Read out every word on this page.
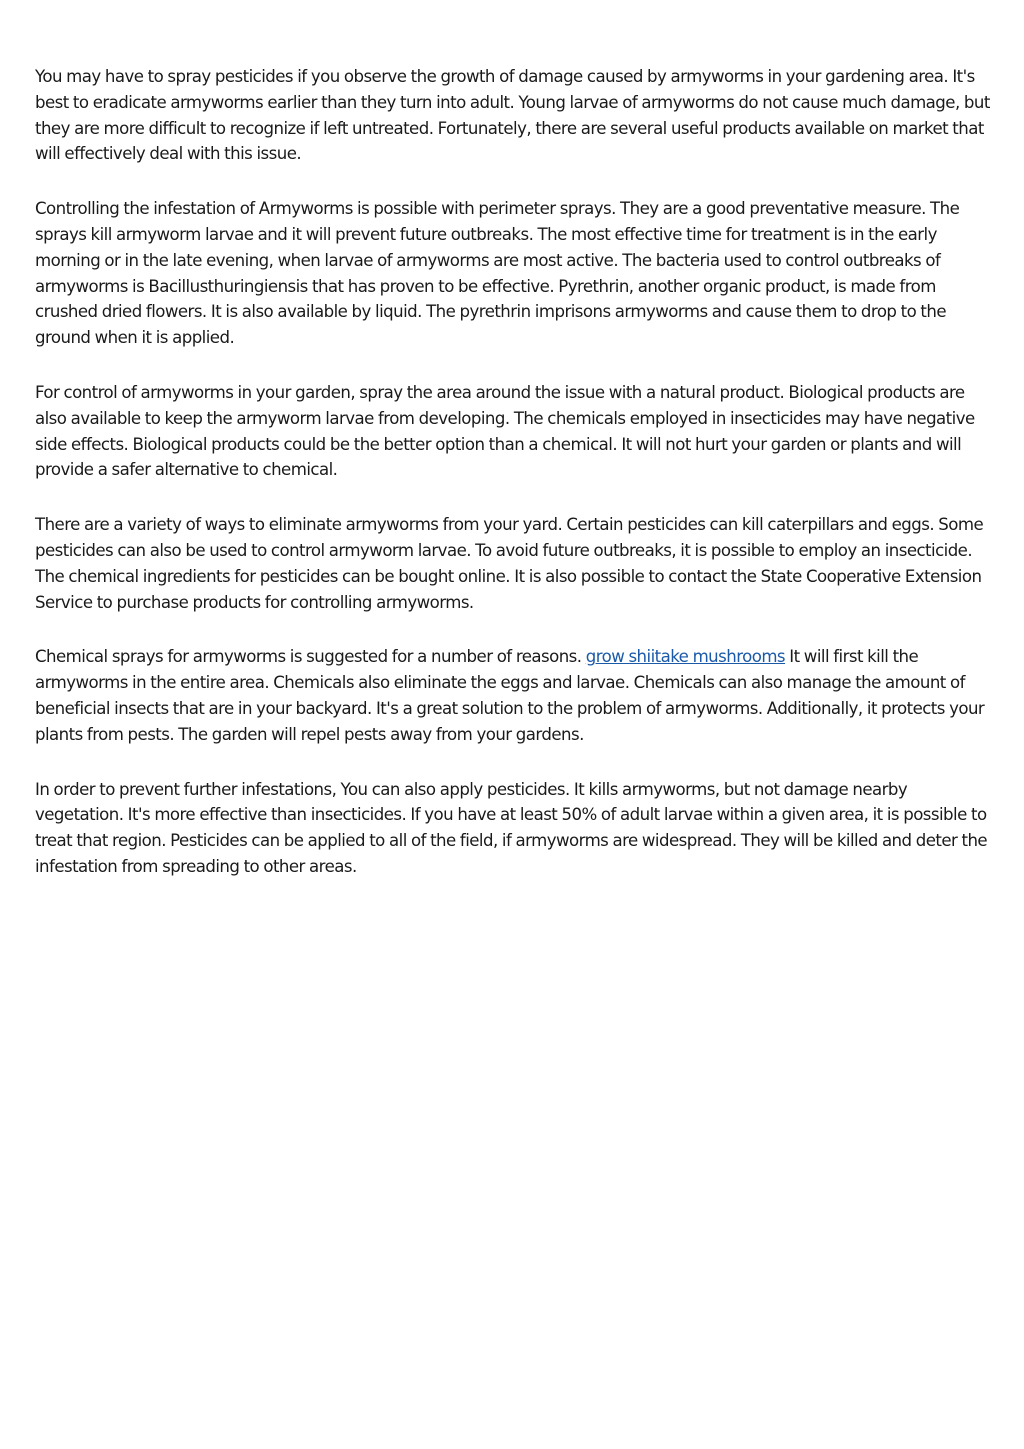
You may have to spray pesticides if you observe the growth of damage caused by armyworms in your gardening area. It's best to eradicate armyworms earlier than they turn into adult. Young larvae of armyworms do not cause much damage, but they are more difficult to recognize if left untreated. Fortunately, there are several useful products available on market that will effectively deal with this issue.

Controlling the infestation of Armyworms is possible with perimeter sprays. They are a good preventative measure. The sprays kill armyworm larvae and it will prevent future outbreaks. The most effective time for treatment is in the early morning or in the late evening, when larvae of armyworms are most active. The bacteria used to control outbreaks of armyworms is Bacillusthuringiensis that has proven to be effective. Pyrethrin, another organic product, is made from crushed dried flowers. It is also available by liquid. The pyrethrin imprisons armyworms and cause them to drop to the ground when it is applied.

For control of armyworms in your garden, spray the area around the issue with a natural product. Biological products are also available to keep the armyworm larvae from developing. The chemicals employed in insecticides may have negative side effects. Biological products could be the better option than a chemical. It will not hurt your garden or plants and will provide a safer alternative to chemical.

There are a variety of ways to eliminate armyworms from your yard. Certain pesticides can kill caterpillars and eggs. Some pesticides can also be used to control armyworm larvae. To avoid future outbreaks, it is possible to employ an insecticide. The chemical ingredients for pesticides can be bought online. It is also possible to contact the State Cooperative Extension Service to purchase products for controlling armyworms.

Chemical sprays for armyworms is suggested for a number of reasons. grow shiitake mushrooms It will first kill the armyworms in the entire area. Chemicals also eliminate the eggs and larvae. Chemicals can also manage the amount of beneficial insects that are in your backyard. It's a great solution to the problem of armyworms. Additionally, it protects your plants from pests. The garden will repel pests away from your gardens.

In order to prevent further infestations, You can also apply pesticides. It kills armyworms, but not damage nearby vegetation. It's more effective than insecticides. If you have at least 50% of adult larvae within a given area, it is possible to treat that region. Pesticides can be applied to all of the field, if armyworms are widespread. They will be killed and deter the infestation from spreading to other areas.
